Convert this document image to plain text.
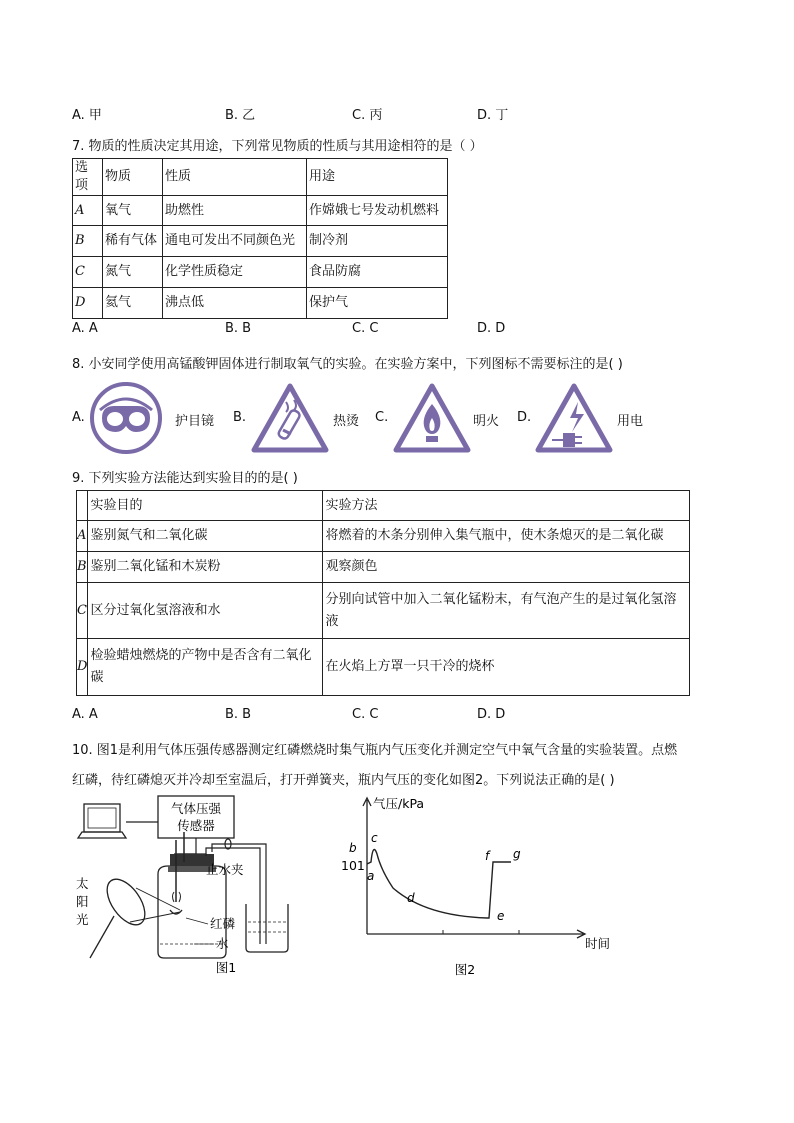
A. 甲	B. 乙	C. 丙	D. 丁
7. 物质的性质决定其用途，下列常见物质的性质与其用途相符的是（ ）
选项	物质	性质	用途
A	氧气	助燃性	作嫦娥七号发动机燃料
B	稀有气体	通电可发出不同颜色光	制冷剂
C	氮气	化学性质稳定	食品防腐
D	氦气	沸点低	保护气
A. A	B. B	C. C	D. D
8. 小安同学使用高锰酸钾固体进行制取氧气的实验。在实验方案中，下列图标不需要标注的是( )
A.	护目镜 B.	热烫 C.	明火 D.	用电
9. 下列实验方法能达到实验目的的是( )
	实验目的	实验方法
A	鉴别氮气和二氧化碳	将燃着的木条分别伸入集气瓶中，使木条熄灭的是二氧化碳
B	鉴别二氧化锰和木炭粉	观察颜色
C	区分过氧化氢溶液和水	分别向试管中加入二氧化锰粉末，有气泡产生的是过氧化氢溶液
D	检验蜡烛燃烧的产物中是否含有二氧化碳	在火焰上方罩一只干冷的烧杯
A. A	B. B	C. C	D. D
10. 图1是利用气体压强传感器测定红磷燃烧时集气瓶内气压变化并测定空气中氧气含量的实验装置。点燃
红磷，待红磷熄灭并冷却至室温后，打开弹簧夹，瓶内气压的变化如图2。下列说法正确的是( )
气体压强
传感器
止水夹
红磷
水
太
阳
光
图1
气压/kPa
时间
101
a
b
c
d
e
f g
图2
